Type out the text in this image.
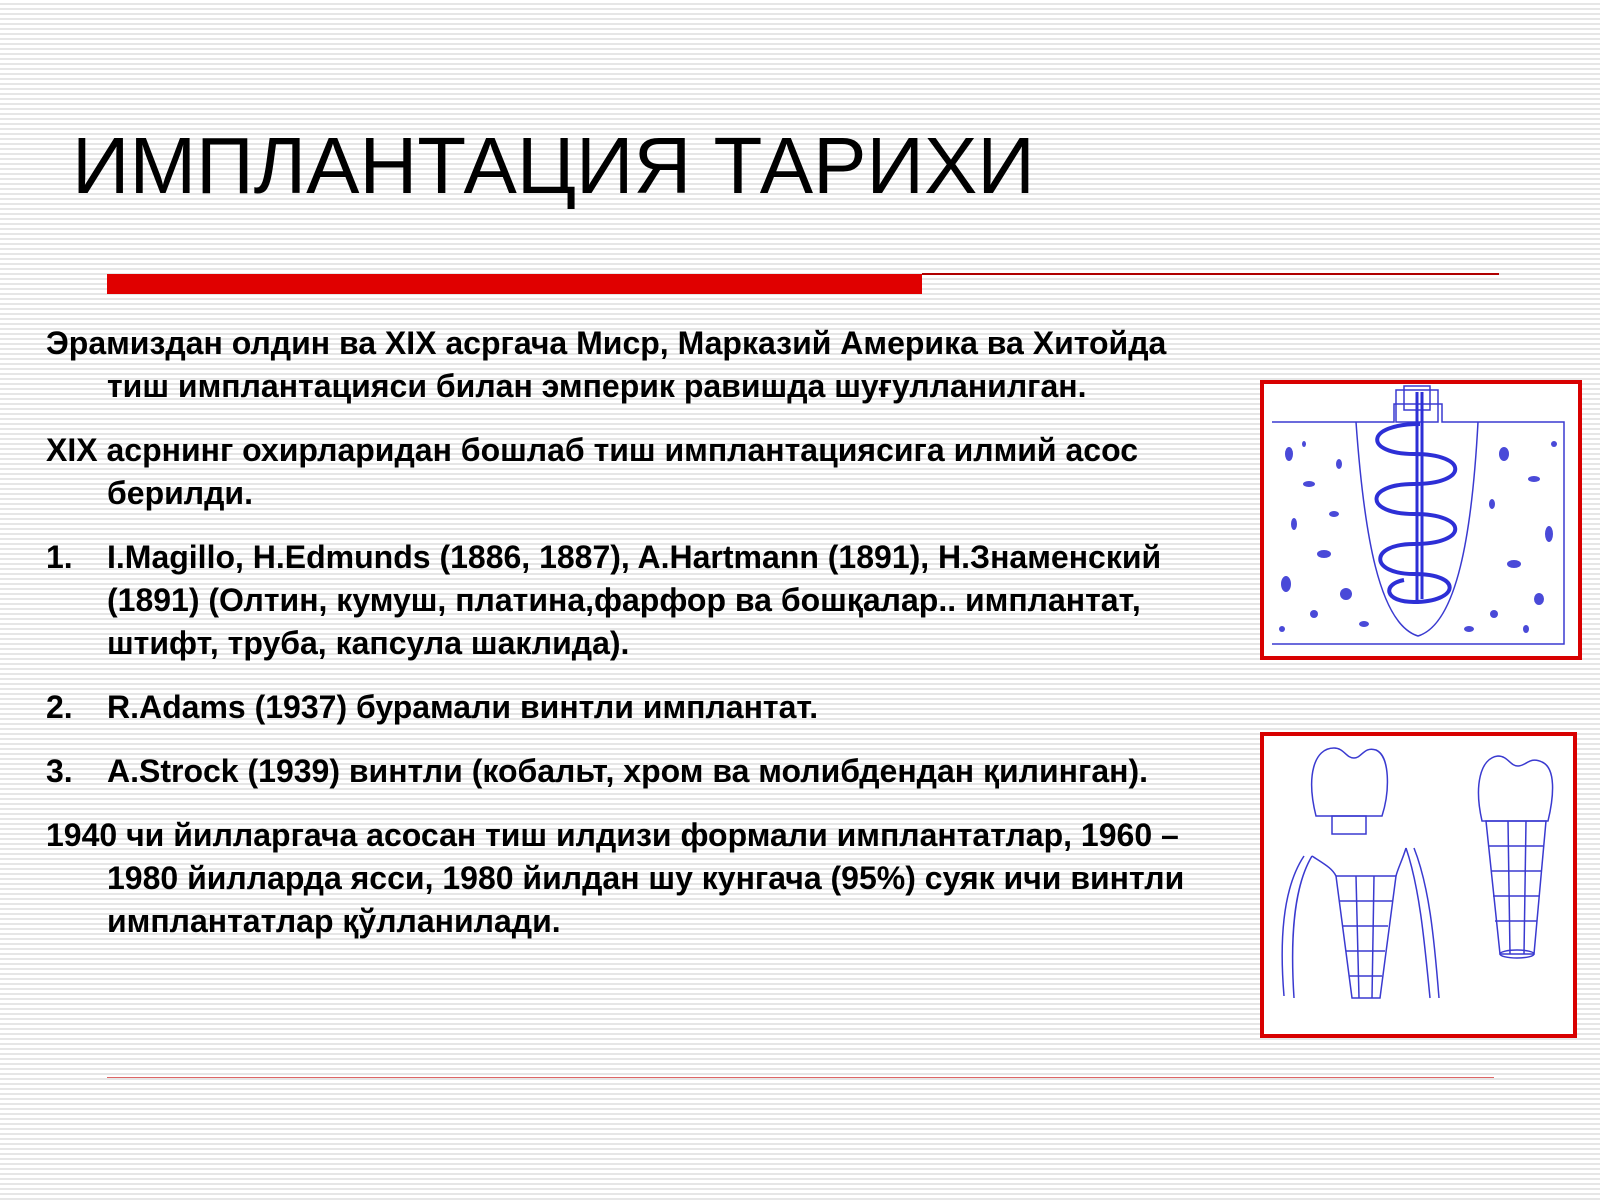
ИМПЛАНТАЦИЯ ТАРИХИ

Эрамиздан олдин ва XIX асргача Миср, Марказий Америка ва Хитойда тиш имплантацияси билан эмперик равишда шуғулланилган.

XIX асрнинг охирларидан бошлаб тиш имплантациясига илмий асос берилди.

1. I.Magillo, H.Edmunds (1886, 1887), A.Hartmann (1891), Н.Знаменский (1891) (Олтин, кумуш, платина,фарфор ва бошқалар.. имплантат, штифт, труба, капсула шаклида).
2. R.Adams (1937) бурамали винтли имплантат.
3. A.Strock (1939) винтли (кобальт, хром ва молибдендан қилинган).

1940 чи йилларгача асосан тиш илдизи формали имплантатлар, 1960 – 1980 йилларда ясси, 1980 йилдан шу кунгача (95%) суяк ичи винтли имплантатлар қўлланилади.
